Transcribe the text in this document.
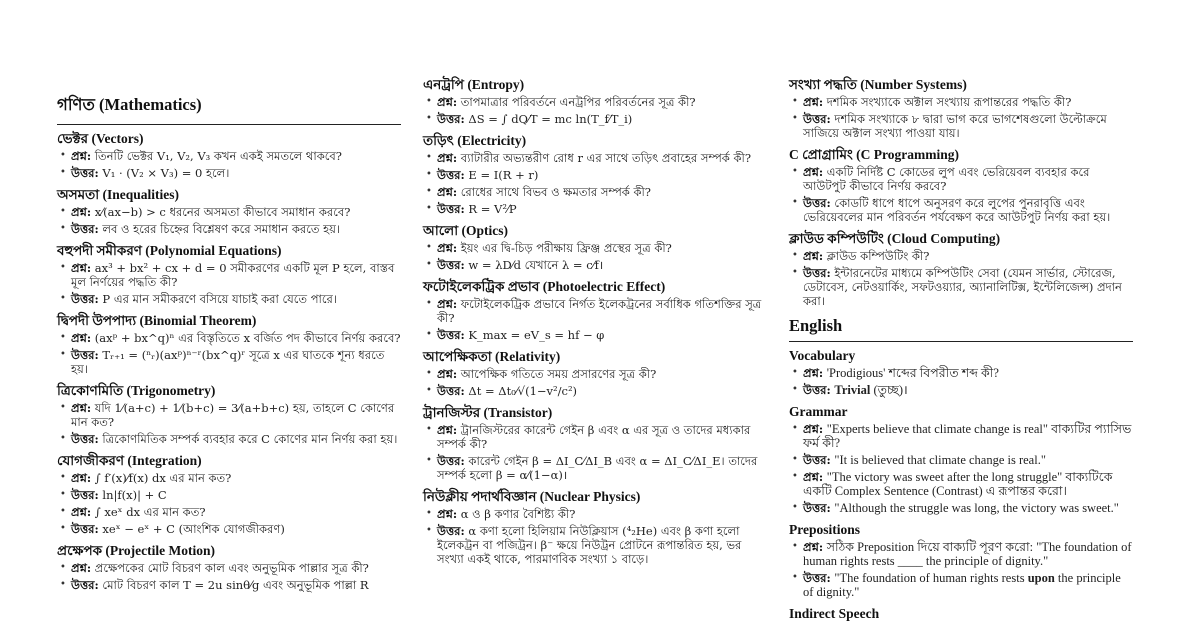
গণিত (Mathematics)
ভেক্টর (Vectors)
• প্রশ্ন: তিনটি ভেক্টর V₁, V₂, V₃ কখন একই সমতলে থাকবে?
• উত্তর: V₁ · (V₂ × V₃) = 0 হলে।
অসমতা (Inequalities)
• প্রশ্ন: x⁄(ax−b) > c ধরনের অসমতা কীভাবে সমাধান করবে?
• উত্তর: লব ও হরের চিহ্নের বিশ্লেষণ করে সমাধান করতে হয়।
বহুপদী সমীকরণ (Polynomial Equations)
• প্রশ্ন: ax³ + bx² + cx + d = 0 সমীকরণের একটি মূল P হলে, বাস্তব মূল নির্ণয়ের পদ্ধতি কী?
• উত্তর: P এর মান সমীকরণে বসিয়ে যাচাই করা যেতে পারে।
দ্বিপদী উপপাদ্য (Binomial Theorem)
• প্রশ্ন: (axᵖ + bx^q)ⁿ এর বিস্তৃতিতে x বর্জিত পদ কীভাবে নির্ণয় করবে?
• উত্তর: Tᵣ₊₁ = (ⁿᵣ)(axᵖ)ⁿ⁻ʳ(bx^q)ʳ সূত্রে x এর ঘাতকে শূন্য ধরতে হয়।
ত্রিকোণমিতি (Trigonometry)
• প্রশ্ন: যদি 1⁄(a+c) + 1⁄(b+c) = 3⁄(a+b+c) হয়, তাহলে C কোণের মান কত?
• উত্তর: ত্রিকোণমিতিক সম্পর্ক ব্যবহার করে C কোণের মান নির্ণয় করা হয়।
যোগজীকরণ (Integration)
• প্রশ্ন: ∫ f′(x)⁄f(x) dx এর মান কত?
• উত্তর: ln|f(x)| + C
• প্রশ্ন: ∫ xeˣ dx এর মান কত?
• উত্তর: xeˣ − eˣ + C (আংশিক যোগজীকরণ)
প্রক্ষেপক (Projectile Motion)
• প্রশ্ন: প্রক্ষেপকের মোট বিচরণ কাল এবং অনুভূমিক পাল্লার সূত্র কী?
• উত্তর: মোট বিচরণ কাল T = 2u sinθ⁄g এবং অনুভূমিক পাল্লা R
এনট্রপি (Entropy)
• প্রশ্ন: তাপমাত্রার পরিবর্তনে এনট্রপির পরিবর্তনের সূত্র কী?
• উত্তর: ΔS = ∫ dQ⁄T = mc ln(T_f⁄T_i)
তড়িৎ (Electricity)
• প্রশ্ন: ব্যাটারীর অভ্যন্তরীণ রোধ r এর সাথে তড়িৎ প্রবাহের সম্পর্ক কী?
• উত্তর: E = I(R + r)
• প্রশ্ন: রোধের সাথে বিভব ও ক্ষমতার সম্পর্ক কী?
• উত্তর: R = V²⁄P
আলো (Optics)
• প্রশ্ন: ইয়ং এর দ্বি-চিড় পরীক্ষায় ফ্রিঞ্জ প্রস্থের সূত্র কী?
• উত্তর: w = λD⁄d যেখানে λ = c⁄f।
ফটোইলেকট্রিক প্রভাব (Photoelectric Effect)
• প্রশ্ন: ফটোইলেকট্রিক প্রভাবে নির্গত ইলেকট্রনের সর্বাধিক গতিশক্তির সূত্র কী?
• উত্তর: K_max = eV_s = hf − φ
আপেক্ষিকতা (Relativity)
• প্রশ্ন: আপেক্ষিক গতিতে সময় প্রসারণের সূত্র কী?
• উত্তর: Δt = Δt₀⁄√(1−v²/c²)
ট্রানজিস্টর (Transistor)
• প্রশ্ন: ট্রানজিস্টরের কারেন্ট গেইন β এবং α এর সূত্র ও তাদের মধ্যকার সম্পর্ক কী?
• উত্তর: কারেন্ট গেইন β = ΔI_C⁄ΔI_B এবং α = ΔI_C⁄ΔI_E। তাদের সম্পর্ক হলো β = α⁄(1−α)।
নিউক্লীয় পদার্থবিজ্ঞান (Nuclear Physics)
• প্রশ্ন: α ও β কণার বৈশিষ্ট্য কী?
• উত্তর: α কণা হলো হিলিয়াম নিউক্লিয়াস (⁴₂He) এবং β কণা হলো ইলেকট্রন বা পজিট্রন। β⁻ ক্ষয়ে নিউট্রন প্রোটনে রূপান্তরিত হয়, ভর সংখ্যা একই থাকে, পারমাণবিক সংখ্যা ১ বাড়ে।
সংখ্যা পদ্ধতি (Number Systems)
• প্রশ্ন: দশমিক সংখ্যাকে অক্টাল সংখ্যায় রূপান্তরের পদ্ধতি কী?
• উত্তর: দশমিক সংখ্যাকে ৮ দ্বারা ভাগ করে ভাগশেষগুলো উল্টোক্রমে সাজিয়ে অক্টাল সংখ্যা পাওয়া যায়।
C প্রোগ্রামিং (C Programming)
• প্রশ্ন: একটি নির্দিষ্ট C কোডের লুপ এবং ভেরিয়েবল ব্যবহার করে আউটপুট কীভাবে নির্ণয় করবে?
• উত্তর: কোডটি ধাপে ধাপে অনুসরণ করে লুপের পুনরাবৃত্তি এবং ভেরিয়েবলের মান পরিবর্তন পর্যবেক্ষণ করে আউটপুট নির্ণয় করা হয়।
ক্লাউড কম্পিউটিং (Cloud Computing)
• প্রশ্ন: ক্লাউড কম্পিউটিং কী?
• উত্তর: ইন্টারনেটের মাধ্যমে কম্পিউটিং সেবা (যেমন সার্ভার, স্টোরেজ, ডেটাবেস, নেটওয়ার্কিং, সফটওয়্যার, অ্যানালিটিক্স, ইন্টেলিজেন্স) প্রদান করা।
English
Vocabulary
• প্রশ্ন: 'Prodigious' শব্দের বিপরীত শব্দ কী?
• উত্তর: Trivial (তুচ্ছ)।
Grammar
• প্রশ্ন: "Experts believe that climate change is real" বাক্যটির প্যাসিভ ফর্ম কী?
• উত্তর: "It is believed that climate change is real."
• প্রশ্ন: "The victory was sweet after the long struggle" বাক্যটিকে একটি Complex Sentence (Contrast) এ রূপান্তর করো।
• উত্তর: "Although the struggle was long, the victory was sweet."
Prepositions
• প্রশ্ন: সঠিক Preposition দিয়ে বাক্যটি পূরণ করো: "The foundation of human rights rests ____ the principle of dignity."
• উত্তর: "The foundation of human rights rests upon the principle of dignity."
Indirect Speech
